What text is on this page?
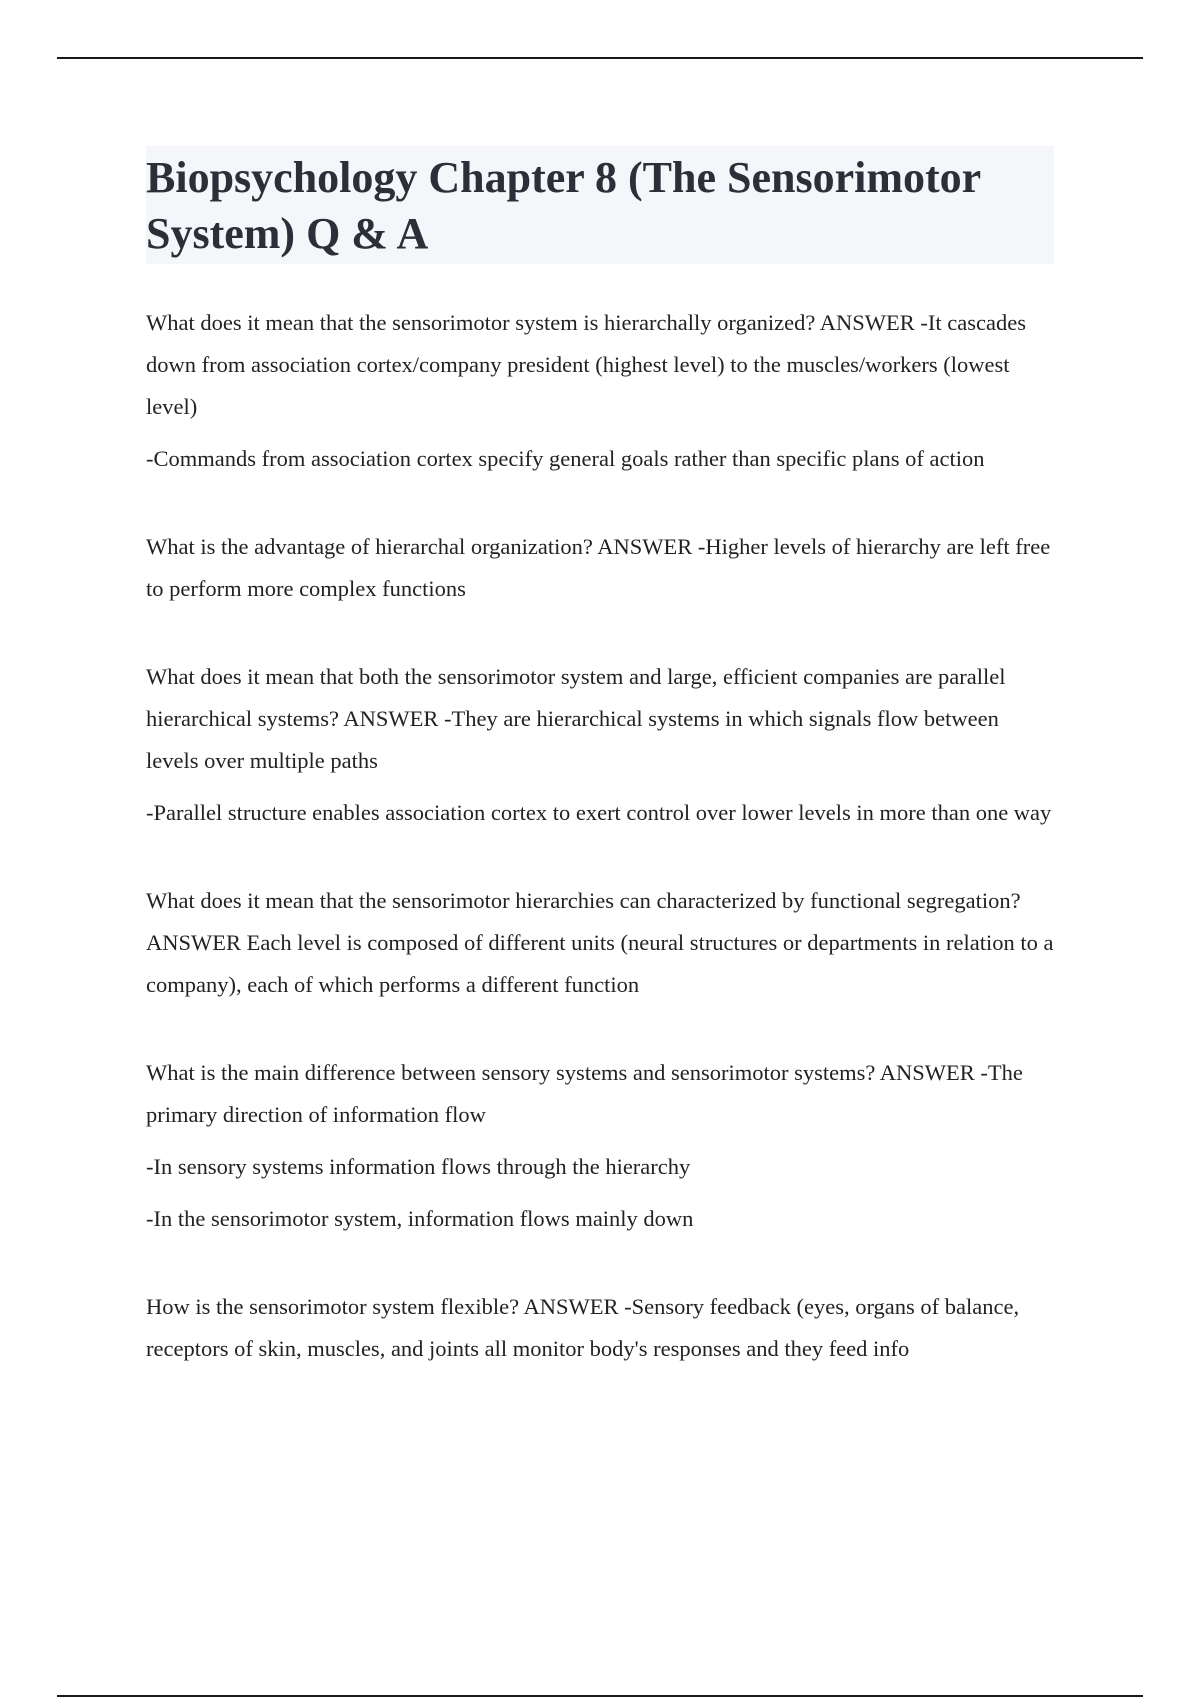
Biopsychology Chapter 8 (The Sensorimotor System) Q & A

What does it mean that the sensorimotor system is hierarchally organized? ANSWER -It cascades down from association cortex/company president (highest level) to the muscles/workers (lowest level)

-Commands from association cortex specify general goals rather than specific plans of action

What is the advantage of hierarchal organization? ANSWER -Higher levels of hierarchy are left free to perform more complex functions

What does it mean that both the sensorimotor system and large, efficient companies are parallel hierarchical systems? ANSWER -They are hierarchical systems in which signals flow between levels over multiple paths

-Parallel structure enables association cortex to exert control over lower levels in more than one way

What does it mean that the sensorimotor hierarchies can characterized by functional segregation? ANSWER Each level is composed of different units (neural structures or departments in relation to a company), each of which performs a different function

What is the main difference between sensory systems and sensorimotor systems? ANSWER -The primary direction of information flow

-In sensory systems information flows through the hierarchy

-In the sensorimotor system, information flows mainly down

How is the sensorimotor system flexible? ANSWER -Sensory feedback (eyes, organs of balance, receptors of skin, muscles, and joints all monitor body's responses and they feed info
